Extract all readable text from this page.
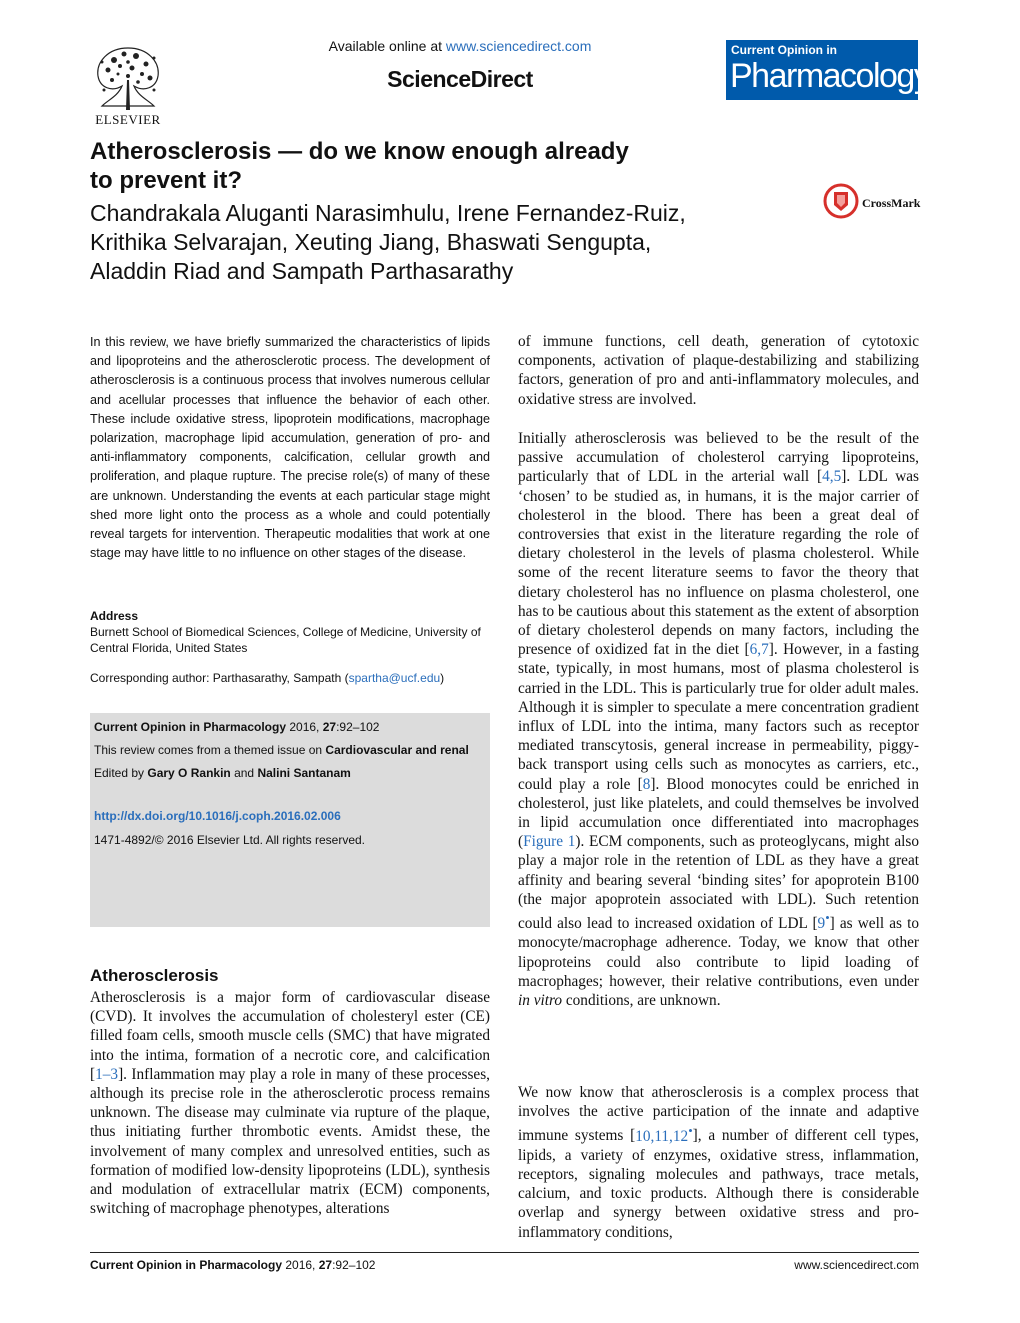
ELSEVIER
Available online at www.sciencedirect.com
ScienceDirect
Current Opinion in
Pharmacology
Atherosclerosis — do we know enough already
to prevent it?
CrossMark
Chandrakala Aluganti Narasimhulu, Irene Fernandez-Ruiz,
Krithika Selvarajan, Xeuting Jiang, Bhaswati Sengupta,
Aladdin Riad and Sampath Parthasarathy

In this review, we have briefly summarized the characteristics of lipids and lipoproteins and the atherosclerotic process. The development of atherosclerosis is a continuous process that involves numerous cellular and acellular processes that influence the behavior of each other. These include oxidative stress, lipoprotein modifications, macrophage polarization, macrophage lipid accumulation, generation of pro- and anti-inflammatory components, calcification, cellular growth and proliferation, and plaque rupture. The precise role(s) of many of these are unknown. Understanding the events at each particular stage might shed more light onto the process as a whole and could potentially reveal targets for intervention. Therapeutic modalities that work at one stage may have little to no influence on other stages of the disease.

Address
Burnett School of Biomedical Sciences, College of Medicine, University of Central Florida, United States
Corresponding author: Parthasarathy, Sampath (spartha@ucf.edu)
Current Opinion in Pharmacology 2016, 27:92–102
This review comes from a themed issue on Cardiovascular and renal
Edited by Gary O Rankin and Nalini Santanam
http://dx.doi.org/10.1016/j.coph.2016.02.006
1471-4892/© 2016 Elsevier Ltd. All rights reserved.
Atherosclerosis

Atherosclerosis is a major form of cardiovascular disease (CVD). It involves the accumulation of cholesteryl ester (CE) filled foam cells, smooth muscle cells (SMC) that have migrated into the intima, formation of a necrotic core, and calcification [1–3]. Inflammation may play a role in many of these processes, although its precise role in the atherosclerotic process remains unknown. The disease may culminate via rupture of the plaque, thus initiating further thrombotic events. Amidst these, the involvement of many complex and unresolved entities, such as formation of modified low-density lipoproteins (LDL), synthesis and modulation of extracellular matrix (ECM) components, switching of macrophage phenotypes, alterations

of immune functions, cell death, generation of cytotoxic components, activation of plaque-destabilizing and stabilizing factors, generation of pro and anti-inflammatory molecules, and oxidative stress are involved.

Initially atherosclerosis was believed to be the result of the passive accumulation of cholesterol carrying lipoproteins, particularly that of LDL in the arterial wall [4,5]. LDL was ‘chosen’ to be studied as, in humans, it is the major carrier of cholesterol in the blood. There has been a great deal of controversies that exist in the literature regarding the role of dietary cholesterol in the levels of plasma cholesterol. While some of the recent literature seems to favor the theory that dietary cholesterol has no influence on plasma cholesterol, one has to be cautious about this statement as the extent of absorption of dietary cholesterol depends on many factors, including the presence of oxidized fat in the diet [6,7]. However, in a fasting state, typically, in most humans, most of plasma cholesterol is carried in the LDL. This is particularly true for older adult males. Although it is simpler to speculate a mere concentration gradient influx of LDL into the intima, many factors such as receptor mediated transcytosis, general increase in permeability, piggy-back transport using cells such as monocytes as carriers, etc., could play a role [8]. Blood monocytes could be enriched in cholesterol, just like platelets, and could themselves be involved in lipid accumulation once differentiated into macrophages (Figure 1). ECM components, such as proteoglycans, might also play a major role in the retention of LDL as they have a great affinity and bearing several ‘binding sites’ for apoprotein B100 (the major apoprotein associated with LDL). Such retention could also lead to increased oxidation of LDL [9•] as well as to monocyte/macrophage adherence. Today, we know that other lipoproteins could also contribute to lipid loading of macrophages; however, their relative contributions, even under in vitro conditions, are unknown.

We now know that atherosclerosis is a complex process that involves the active participation of the innate and adaptive immune systems [10,11,12•], a number of different cell types, lipids, a variety of enzymes, oxidative stress, inflammation, receptors, signaling molecules and pathways, trace metals, calcium, and toxic products. Although there is considerable overlap and synergy between oxidative stress and pro-inflammatory conditions,

Current Opinion in Pharmacology 2016, 27:92–102	www.sciencedirect.com
